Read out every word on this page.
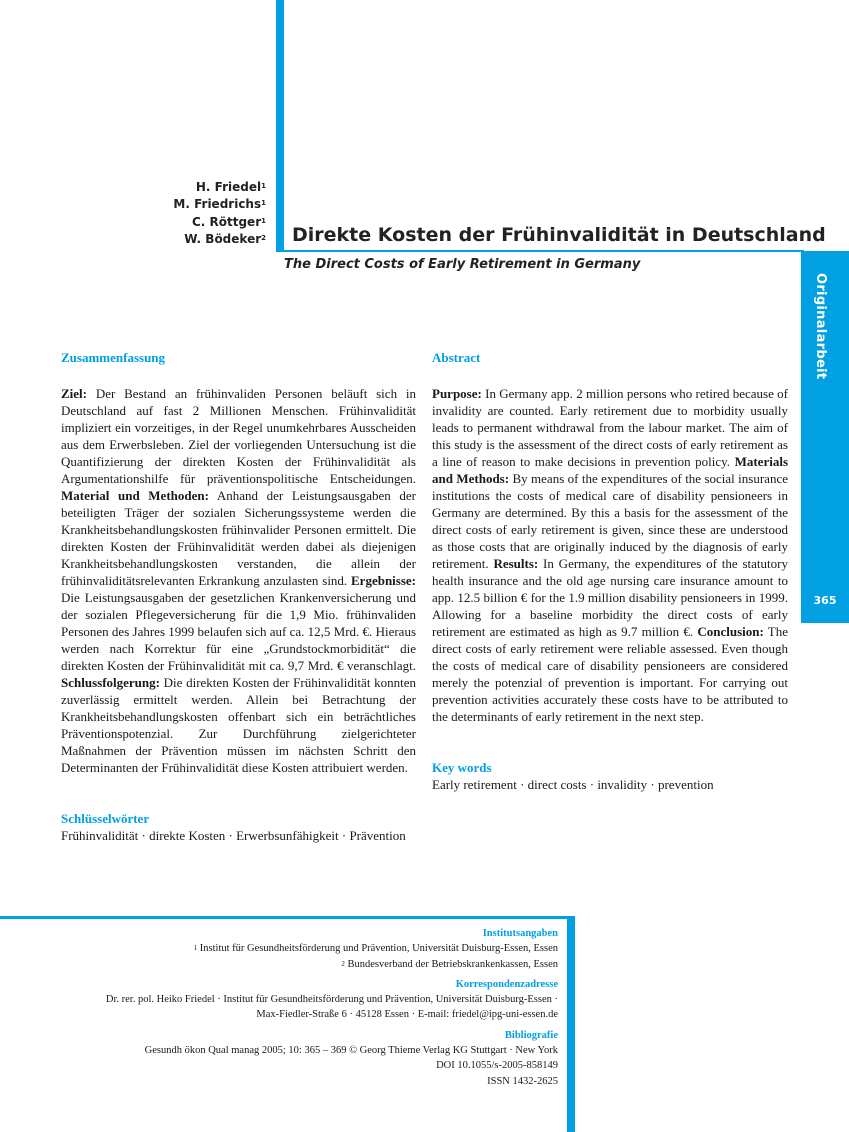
H. Friedel$^1$
M. Friedrichs$^1$
C. Röttger$^1$
W. Bödeker$^2$ Direkte Kosten der Frühinvalidität in Deutschland
The Direct Costs of Early Retirement in Germany
Originalarbeit
365
Zusammenfassung
Ziel: Der Bestand an frühinvaliden Personen beläuft sich in Deutschland auf fast 2 Millionen Menschen. Frühinvalidität impliziert ein vorzeitiges, in der Regel unumkehrbares Ausscheiden aus dem Erwerbsleben. Ziel der vorliegenden Untersuchung ist die Quantifizierung der direkten Kosten der Frühinvalidität als Argumentationshilfe für präventionspolitische Entscheidungen. Material und Methoden: Anhand der Leistungsausgaben der beteiligten Träger der sozialen Sicherungssysteme werden die Krankheitsbehandlungskosten frühinvalider Personen ermittelt. Die direkten Kosten der Frühinvalidität werden dabei als diejenigen Krankheitsbehandlungskosten verstanden, die allein der frühinvaliditätsrelevanten Erkrankung anzulasten sind. Ergebnisse: Die Leistungsausgaben der gesetzlichen Krankenversicherung und der sozialen Pflegeversicherung für die 1,9 Mio. frühinvaliden Personen des Jahres 1999 belaufen sich auf ca. 12,5 Mrd. €. Hieraus werden nach Korrektur für eine „Grundstockmorbidität“ die direkten Kosten der Frühinvalidität mit ca. 9,7 Mrd. € veranschlagt. Schlussfolgerung: Die direkten Kosten der Frühinvalidität konnten zuverlässig ermittelt werden. Allein bei Betrachtung der Krankheitsbehandlungskosten offenbart sich ein beträchtliches Präventionspotenzial. Zur Durchführung zielgerichteter Maßnahmen der Prävention müssen im nächsten Schritt den Determinanten der Frühinvalidität diese Kosten attribuiert werden.
Schlüsselwörter
Frühinvalidität · direkte Kosten · Erwerbsunfähigkeit · Prävention
Abstract
Purpose: In Germany app. 2 million persons who retired because of invalidity are counted. Early retirement due to morbidity usually leads to permanent withdrawal from the labour market. The aim of this study is the assessment of the direct costs of early retirement as a line of reason to make decisions in prevention policy. Materials and Methods: By means of the expenditures of the social insurance institutions the costs of medical care of disability pensioneers in Germany are determined. By this a basis for the assessment of the direct costs of early retirement is given, since these are understood as those costs that are originally induced by the diagnosis of early retirement. Results: In Germany, the expenditures of the statutory health insurance and the old age nursing care insurance amount to app. 12.5 billion € for the 1.9 million disability pensioneers in 1999. Allowing for a baseline morbidity the direct costs of early retirement are estimated as high as 9.7 million €. Conclusion: The direct costs of early retirement were reliable assessed. Even though the costs of medical care of disability pensioneers are considered merely the potenzial of prevention is important. For carrying out prevention activities accurately these costs have to be attributed to the determinants of early retirement in the next step.
Key words
Early retirement · direct costs · invalidity · prevention
Institutsangaben
$^1$ Institut für Gesundheitsförderung und Prävention, Universität Duisburg-Essen, Essen
$^2$ Bundesverband der Betriebskrankenkassen, Essen
Korrespondenzadresse
Dr. rer. pol. Heiko Friedel · Institut für Gesundheitsförderung und Prävention, Universität Duisburg-Essen ·
Max-Fiedler-Straße 6 · 45128 Essen · E-mail: friedel@ipg-uni-essen.de
Bibliografie
Gesundh ökon Qual manag 2005; 10: 365 – 369 © Georg Thieme Verlag KG Stuttgart · New York
DOI 10.1055/s-2005-858149
ISSN 1432-2625
